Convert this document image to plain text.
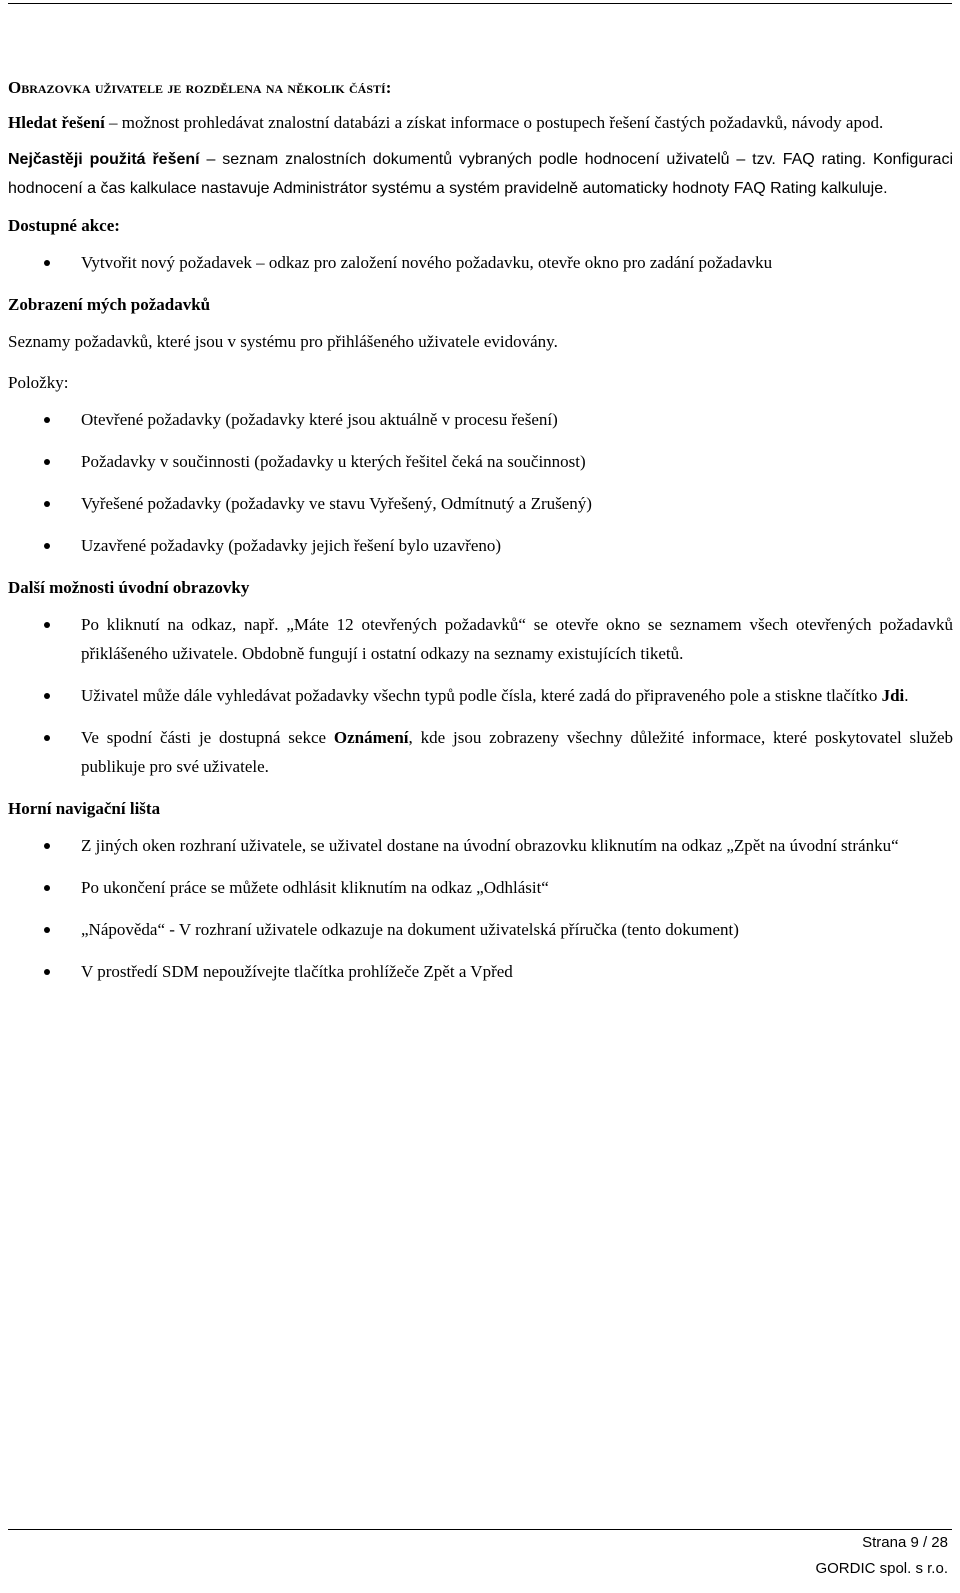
Obrazovka uživatele je rozdělena na několik částí:

Hledat řešení – možnost prohledávat znalostní databázi a získat informace o postupech řešení častých požadavků, návody apod.

Nejčastěji použitá řešení – seznam znalostních dokumentů vybraných podle hodnocení uživatelů – tzv. FAQ rating. Konfiguraci hodnocení a čas kalkulace nastavuje Administrátor systému a systém pravidelně automaticky hodnoty FAQ Rating kalkuluje.

Dostupné akce:
Vytvořit nový požadavek – odkaz pro založení nového požadavku, otevře okno pro zadání požadavku
Zobrazení mých požadavků

Seznamy požadavků, které jsou v systému pro přihlášeného uživatele evidovány.

Položky:
Otevřené požadavky (požadavky které jsou aktuálně v procesu řešení)
Požadavky v součinnosti (požadavky u kterých řešitel čeká na součinnost)
Vyřešené požadavky (požadavky ve stavu Vyřešený, Odmítnutý a Zrušený)
Uzavřené požadavky (požadavky jejich řešení bylo uzavřeno)
Další možnosti úvodní obrazovky
Po kliknutí na odkaz, např. „Máte 12 otevřených požadavků“ se otevře okno se seznamem všech otevřených požadavků přiklášeného uživatele. Obdobně fungují i ostatní odkazy na seznamy existujících tiketů.
Uživatel může dále vyhledávat požadavky všechn typů podle čísla, které zadá do připraveného pole a stiskne tlačítko Jdi.
Ve spodní části je dostupná sekce Oznámení, kde jsou zobrazeny všechny důležité informace, které poskytovatel služeb publikuje pro své uživatele.
Horní navigační lišta
Z jiných oken rozhraní uživatele, se uživatel dostane na úvodní obrazovku kliknutím na odkaz „Zpět na úvodní stránku“
Po ukončení práce se můžete odhlásit kliknutím na odkaz „Odhlásit“
„Nápověda“ - V rozhraní uživatele odkazuje na dokument uživatelská příručka (tento dokument)
V prostředí SDM nepoužívejte tlačítka prohlížeče Zpět a Vpřed
Strana 9 / 28
GORDIC spol. s r.o.
